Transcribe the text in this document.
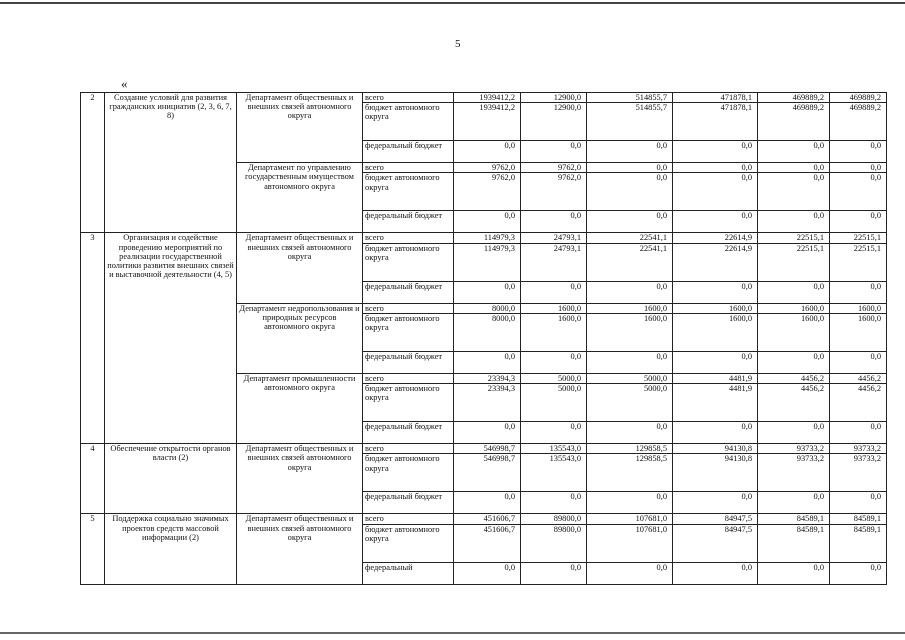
5
«
2	Создание условий для развития гражданских инициатив (2, 3, 6, 7, 8)	Департамент общественных и внешних связей автономного округа	всего	1939412,2	12900,0	514855,7	471878,1	469889,2	469889,2
			бюджет автономного округа	1939412,2	12900,0	514855,7	471878,1	469889,2	469889,2
			федеральный бюджет	0,0	0,0	0,0	0,0	0,0	0,0
		Департамент по управлению государственным имуществом автономного округа	всего	9762,0	9762,0	0,0	0,0	0,0	0,0
			бюджет автономного округа	9762,0	9762,0	0,0	0,0	0,0	0,0
			федеральный бюджет	0,0	0,0	0,0	0,0	0,0	0,0
3	Организация и содействие проведению мероприятий по реализации государственной политики развития внешних связей и выставочной деятельности (4, 5)	Департамент общественных и внешних связей автономного округа	всего	114979,3	24793,1	22541,1	22614,9	22515,1	22515,1
			бюджет автономного округа	114979,3	24793,1	22541,1	22614,9	22515,1	22515,1
			федеральный бюджет	0,0	0,0	0,0	0,0	0,0	0,0
		Департамент недропользования и природных ресурсов автономного округа	всего	8000,0	1600,0	1600,0	1600,0	1600,0	1600,0
			бюджет автономного округа	8000,0	1600,0	1600,0	1600,0	1600,0	1600,0
			федеральный бюджет	0,0	0,0	0,0	0,0	0,0	0,0
		Департамент промышленности автономного округа	всего	23394,3	5000,0	5000,0	4481,9	4456,2	4456,2
			бюджет автономного округа	23394,3	5000,0	5000,0	4481,9	4456,2	4456,2
			федеральный бюджет	0,0	0,0	0,0	0,0	0,0	0,0
4	Обеспечение открытости органов власти (2)	Департамент общественных и внешних связей автономного округа	всего	546998,7	135543,0	129858,5	94130,8	93733,2	93733,2
			бюджет автономного округа	546998,7	135543,0	129858,5	94130,8	93733,2	93733,2
			федеральный бюджет	0,0	0,0	0,0	0,0	0,0	0,0
5	Поддержка социально значимых проектов средств массовой информации (2)	Департамент общественных и внешних связей автономного округа	всего	451606,7	89800,0	107681,0	84947,5	84589,1	84589,1
			бюджет автономного округа	451606,7	89800,0	107681,0	84947,5	84589,1	84589,1
			федеральный	0,0	0,0	0,0	0,0	0,0	0,0
